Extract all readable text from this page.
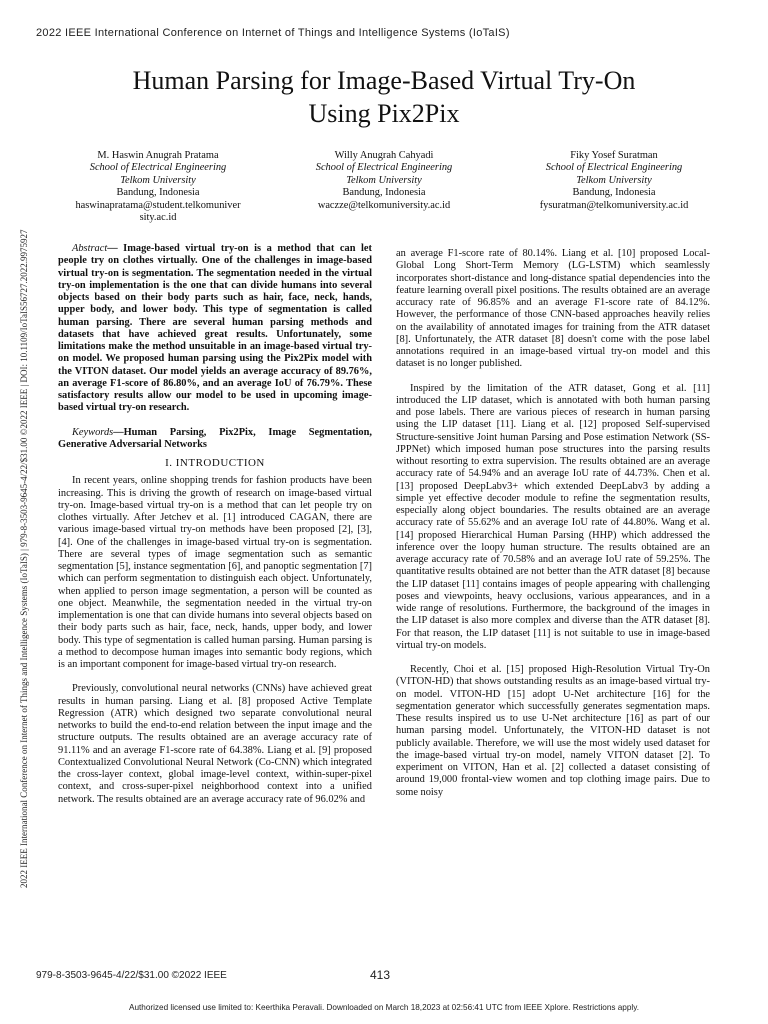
2022 IEEE International Conference on Internet of Things and Intelligence Systems (IoTaIS)
Human Parsing for Image-Based Virtual Try-On
Using Pix2Pix
2022 IEEE International Conference on Internet of Things and Intelligence Systems (IoTaIS) | 979-8-3503-9645-4/22/$31.00 ©2022 IEEE | DOI: 10.1109/IoTaIS56727.2022.9975927
M. Haswin Anugrah Pratama
School of Electrical Engineering
Telkom University
Bandung, Indonesia
haswinapratama@student.telkomuniver
sity.ac.id
Willy Anugrah Cahyadi
School of Electrical Engineering
Telkom University
Bandung, Indonesia
waczze@telkomuniversity.ac.id
Fiky Yosef Suratman
School of Electrical Engineering
Telkom University
Bandung, Indonesia
fysuratman@telkomuniversity.ac.id

Abstract— Image-based virtual try-on is a method that can let people try on clothes virtually. One of the challenges in image-based virtual try-on is segmentation. The segmentation needed in the virtual try-on implementation is the one that can divide humans into several objects based on their body parts such as hair, face, neck, hands, upper body, and lower body. This type of segmentation is called human parsing. There are several human parsing methods and datasets that have achieved great results. Unfortunately, some limitations make the method unsuitable in an image-based virtual try-on model. We proposed human parsing using the Pix2Pix model with the VITON dataset. Our model yields an average accuracy of 89.76%, an average F1-score of 86.80%, and an average IoU of 76.79%. These satisfactory results allow our model to be used in upcoming image-based virtual try-on research.

Keywords—Human Parsing, Pix2Pix, Image Segmentation, Generative Adversarial Networks

I. INTRODUCTION

In recent years, online shopping trends for fashion products have been increasing. This is driving the growth of research on image-based virtual try-on. Image-based virtual try-on is a method that can let people try on clothes virtually. After Jetchev et al. [1] introduced CAGAN, there are various image-based virtual try-on methods have been proposed [2], [3], [4]. One of the challenges in image-based virtual try-on is segmentation. There are several types of image segmentation such as semantic segmentation [5], instance segmentation [6], and panoptic segmentation [7] which can perform segmentation to distinguish each object. Unfortunately, when applied to person image segmentation, a person will be counted as one object. Meanwhile, the segmentation needed in the virtual try-on implementation is one that can divide humans into several objects based on their body parts such as hair, face, neck, hands, upper body, and lower body. This type of segmentation is called human parsing. Human parsing is a method to decompose human images into semantic body regions, which is an important component for image-based virtual try-on research.

Previously, convolutional neural networks (CNNs) have achieved great results in human parsing. Liang et al. [8] proposed Active Template Regression (ATR) which designed two separate convolutional neural networks to build the end-to-end relation between the input image and the structure outputs. The results obtained are an average accuracy rate of 91.11% and an average F1-score rate of 64.38%. Liang et al. [9] proposed Contextualized Convolutional Neural Network (Co-CNN) which integrated the cross-layer context, global image-level context, within-super-pixel context, and cross-super-pixel neighborhood context into a unified network. The results obtained are an average accuracy rate of 96.02% and

an average F1-score rate of 80.14%. Liang et al. [10] proposed Local-Global Long Short-Term Memory (LG-LSTM) which seamlessly incorporates short-distance and long-distance spatial dependencies into the feature learning overall pixel positions. The results obtained are an average accuracy rate of 96.85% and an average F1-score rate of 84.12%. However, the performance of those CNN-based approaches heavily relies on the availability of annotated images for training from the ATR dataset [8]. Unfortunately, the ATR dataset [8] doesn't come with the pose label annotations required in an image-based virtual try-on model and this dataset is no longer published.

Inspired by the limitation of the ATR dataset, Gong et al. [11] introduced the LIP dataset, which is annotated with both human parsing and pose labels. There are various pieces of research in human parsing using the LIP dataset [11]. Liang et al. [12] proposed Self-supervised Structure-sensitive Joint human Parsing and Pose estimation Network (SS-JPPNet) which imposed human pose structures into the parsing results without resorting to extra supervision. The results obtained are an average accuracy rate of 54.94% and an average IoU rate of 44.73%. Chen et al. [13] proposed DeepLabv3+ which extended DeepLabv3 by adding a simple yet effective decoder module to refine the segmentation results, especially along object boundaries. The results obtained are an average accuracy rate of 55.62% and an average IoU rate of 44.80%. Wang et al. [14] proposed Hierarchical Human Parsing (HHP) which addressed the inference over the loopy human structure. The results obtained are an average accuracy rate of 70.58% and an average IoU rate of 59.25%. The quantitative results obtained are not better than the ATR dataset [8] because the LIP dataset [11] contains images of people appearing with challenging poses and viewpoints, heavy occlusions, various appearances, and in a wide range of resolutions. Furthermore, the background of the images in the LIP dataset is also more complex and diverse than the ATR dataset [8]. For that reason, the LIP dataset [11] is not suitable to use in image-based virtual try-on models.

Recently, Choi et al. [15] proposed High-Resolution Virtual Try-On (VITON-HD) that shows outstanding results as an image-based virtual try-on model. VITON-HD [15] adopt U-Net architecture [16] for the segmentation generator which successfully generates segmentation maps. These results inspired us to use U-Net architecture [16] as part of our human parsing model. Unfortunately, the VITON-HD dataset is not publicly available. Therefore, we will use the most widely used dataset for the image-based virtual try-on model, namely VITON dataset [2]. To experiment on VITON, Han et al. [2] collected a dataset consisting of around 19,000 frontal-view women and top clothing image pairs. Due to some noisy

979-8-3503-9645-4/22/$31.00 ©2022 IEEE	413
Authorized licensed use limited to: Keerthika Peravali. Downloaded on March 18,2023 at 02:56:41 UTC from IEEE Xplore. Restrictions apply.
